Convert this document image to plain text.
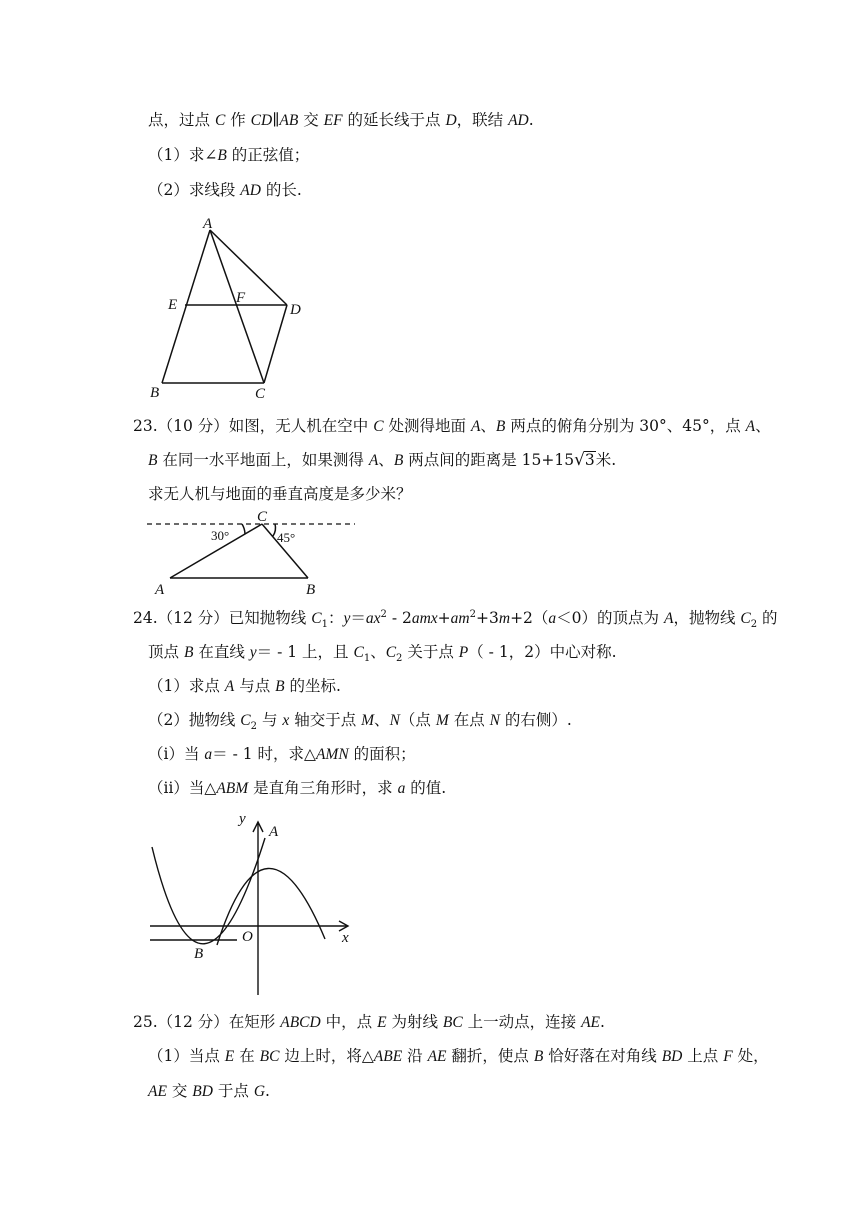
点，过点 C 作 CD∥AB 交 EF 的延长线于点 D，联结 AD.
（1）求∠B 的正弦值；
（2）求线段 AD 的长.
A
E	F
D
B	C
23.（10 分）如图，无人机在空中 C 处测得地面 A、B 两点的俯角分别为 30°、45°，点 A、
B 在同一水平地面上，如果测得 A、B 两点间的距离是 15+15√3米.
求无人机与地面的垂直高度是多少米？
C
30°	45°
A	B
24.（12 分）已知抛物线 $C_1$：$y=ax^2 - 2amx+am^2+3m+2(a<0)$的顶点为 A，抛物线 $C_2$ 的
顶点 B 在直线 y＝ - 1 上，且 $C_1$、$C_2$ 关于点 P（ - 1，2）中心对称.
（1）求点 A 与点 B 的坐标.
（2）抛物线 $C_2$ 与 x 轴交于点 M、N（点 M 在点 N 的右侧）.
（ⅰ）当 a＝ - 1 时，求△AMN 的面积；
（ⅱ）当△ABM 是直角三角形时，求 a 的值.
y
A
O	x
B
25.（12 分）在矩形 ABCD 中，点 E 为射线 BC 上一动点，连接 AE.
（1）当点 E 在 BC 边上时，将△ABE 沿 AE 翻折，使点 B 恰好落在对角线 BD 上点 F 处，
AE 交 BD 于点 G.
